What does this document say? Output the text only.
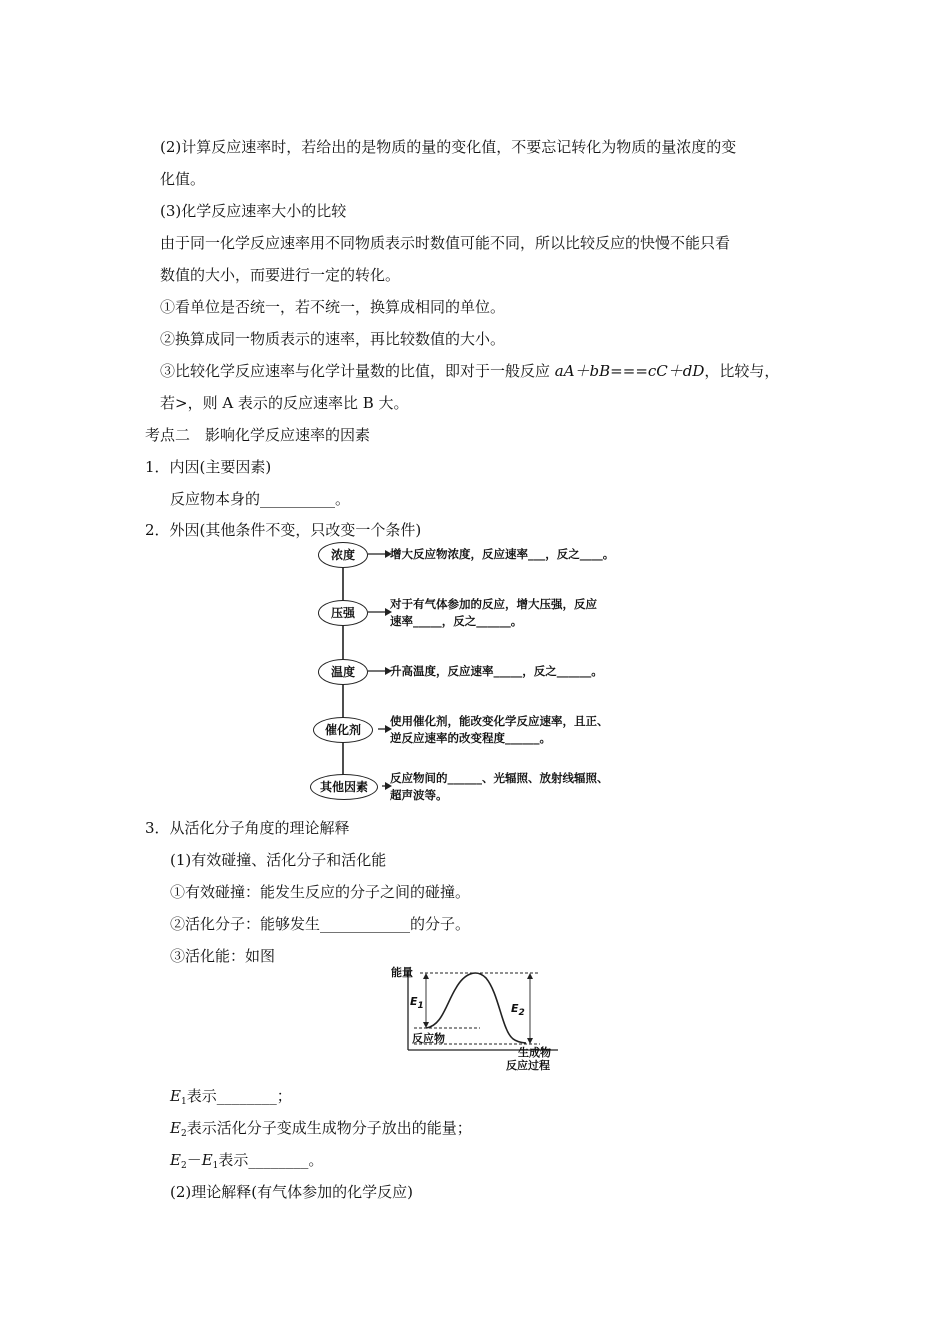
(2)计算反应速率时，若给出的是物质的量的变化值，不要忘记转化为物质的量浓度的变
化值。
(3)化学反应速率大小的比较
由于同一化学反应速率用不同物质表示时数值可能不同，所以比较反应的快慢不能只看
数值的大小，而要进行一定的转化。
①看单位是否统一，若不统一，换算成相同的单位。
②换算成同一物质表示的速率，再比较数值的大小。
③比较化学反应速率与化学计量数的比值，即对于一般反应 aA＋bB===cC＋dD，比较与，
若>，则 A 表示的反应速率比 B 大。
考点二　影响化学反应速率的因素
1．内因(主要因素)
反应物本身的__________。
2．外因(其他条件不变，只改变一个条件)
浓度	增大反应物浓度，反应速率___，反之____。
压强
对于有气体参加的反应，增大压强，反应
速率_____，反之______。
温度	升高温度，反应速率_____，反之______。
催化剂
使用催化剂，能改变化学反应速率，且正、
逆反应速率的改变程度______。
其他因素
反应物间的______、光辐照、放射线辐照、
超声波等。
3．从活化分子角度的理论解释
(1)有效碰撞、活化分子和活化能
①有效碰撞：能发生反应的分子之间的碰撞。
②活化分子：能够发生____________的分子。
③活化能：如图
能量
$E_1$	$E_2$
反应物
生成物
反应过程
$E_1$表示________；
$E_2$表示活化分子变成生成物分子放出的能量；
$E_2-E_1$表示________。
(2)理论解释(有气体参加的化学反应)
